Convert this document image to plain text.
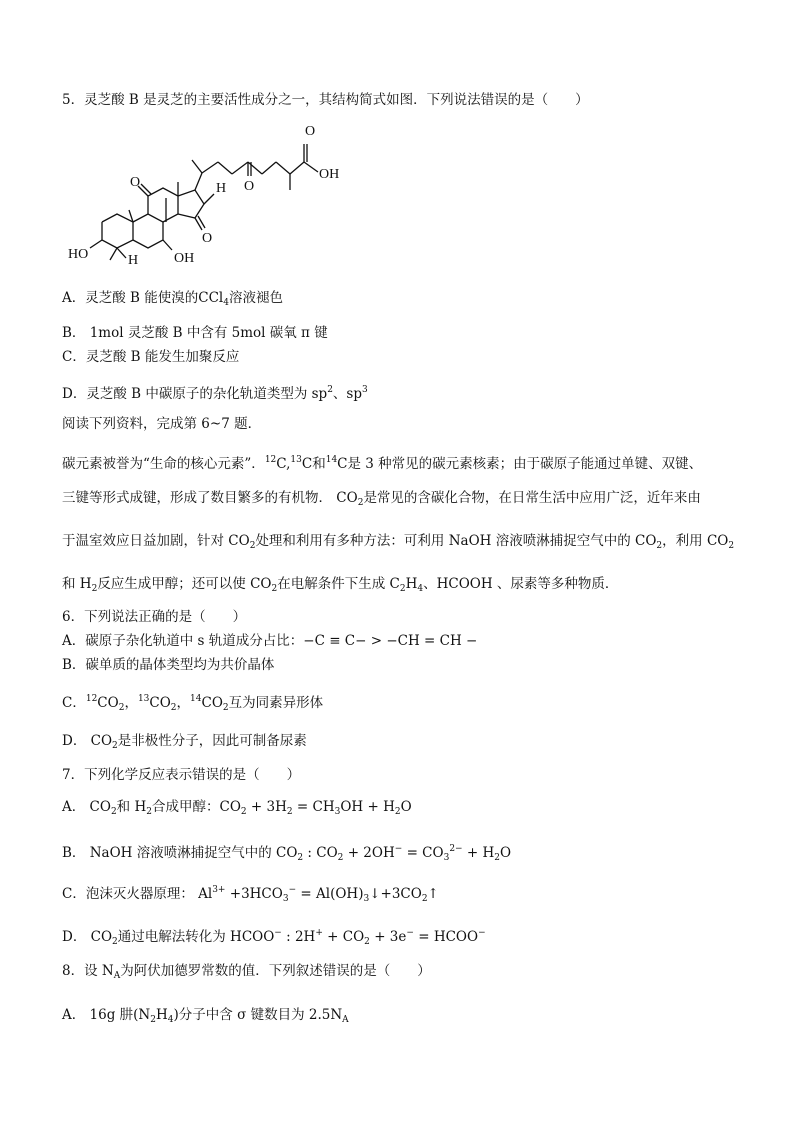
5．灵芝酸 B 是灵芝的主要活性成分之一，其结构简式如图．下列说法错误的是（　　）
O
OH
O
O
O
H
HO	H	OH
A．灵芝酸 B 能使溴的CCl$_4$溶液褪色
B． 1mol 灵芝酸 B 中含有 5mol 碳氧 π 键
C．灵芝酸 B 能发生加聚反应
D．灵芝酸 B 中碳原子的杂化轨道类型为 $sp^2$、$sp^3$
阅读下列资料，完成第 6~7 题．
碳元素被誉为“生命的核心元素”．$^{12}$C,$^{13}$C和$^{14}$C是 3 种常见的碳元素核素；由于碳原子能通过单键、双键、
三键等形式成键，形成了数目繁多的有机物． $CO_2$是常见的含碳化合物，在日常生活中应用广泛，近年来由
于温室效应日益加剧，针对 $CO_2$处理和利用有多种方法：可利用 NaOH 溶液喷淋捕捉空气中的 $CO_2$，利用 $CO_2$
和 $H_2$反应生成甲醇；还可以使 $CO_2$在电解条件下生成 $C_2H_4$、HCOOH 、尿素等多种物质．
6．下列说法正确的是（　　）
A．碳原子杂化轨道中 s 轨道成分占比：−C ≡ C− > −CH = CH −
B．碳单质的晶体类型均为共价晶体
C．$^{12}CO_2$，$^{13}CO_2$，$^{14}CO_2$互为同素异形体
D． $CO_2$是非极性分子，因此可制备尿素
7．下列化学反应表示错误的是（　　）
A． $CO_2$和 $H_2$合成甲醇：$CO_2 + 3H_2 = CH_3OH + H_2O$
B． NaOH 溶液喷淋捕捉空气中的 $CO_2$ : $CO_2 + 2OH^- = CO_3^{2-} + H_2O$
C．泡沫灭火器原理： $Al^{3+} +3HCO_3^-$ = $Al(OH)_3↓+3CO_2↑$
D． $CO_2$通过电解法转化为 HCOO− : $2H^+ + CO_2 + 3e^-$ = HCOO−
8．设 $N_A$为阿伏加德罗常数的值．下列叙述错误的是（　　）
A． 16g 肼$(N_2H_4)$分子中含 σ 键数目为 $2.5N_A$
